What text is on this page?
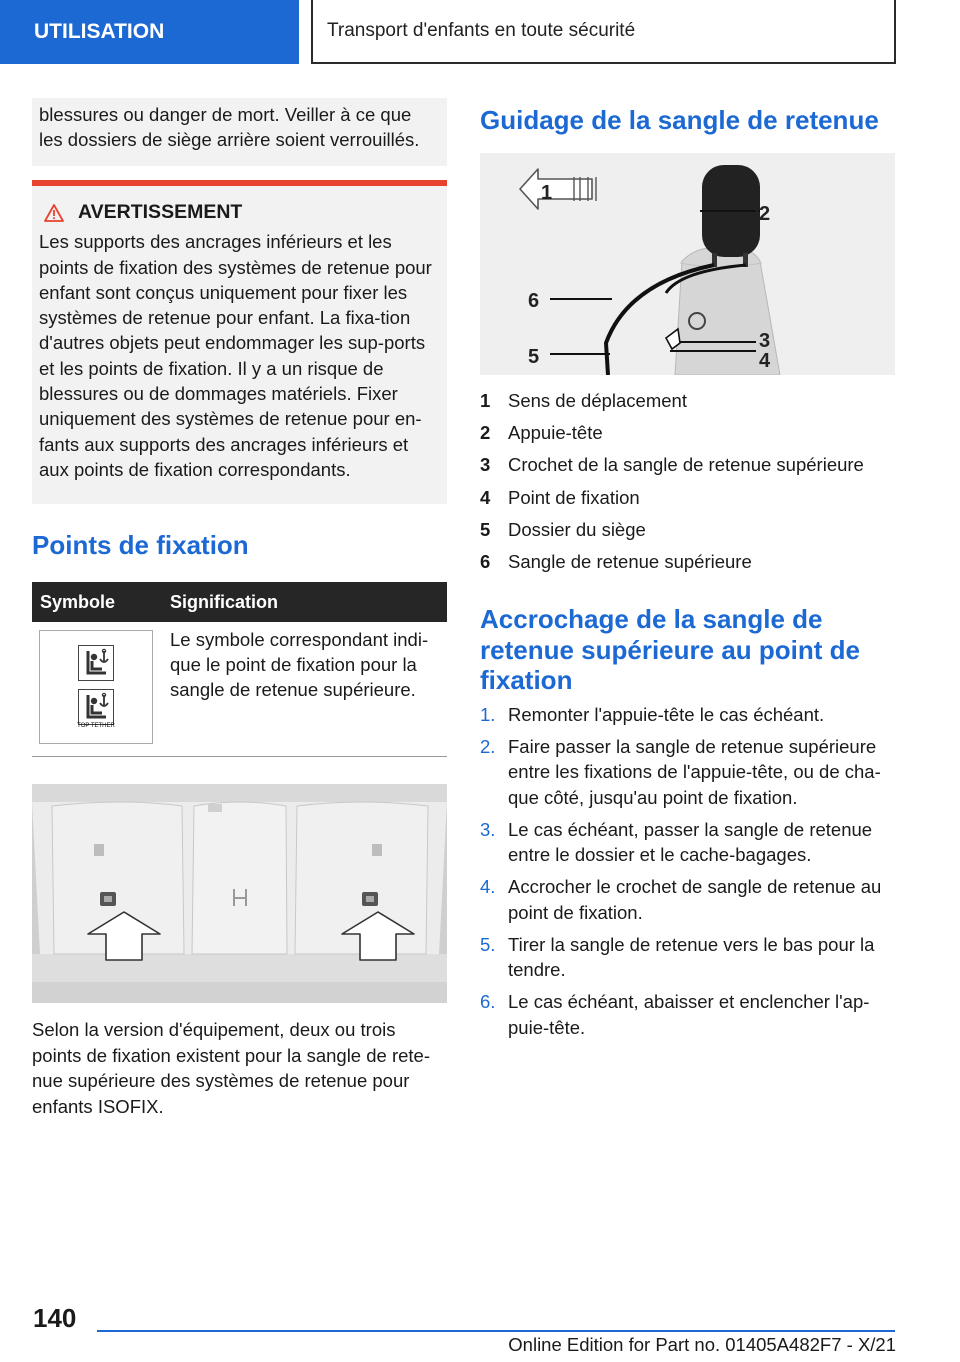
UTILISATION	Transport d'enfants en toute sécurité
blessures ou danger de mort. Veiller à ce que les dossiers de siège arrière soient verrouillés.
AVERTISSEMENT
Les supports des ancrages inférieurs et les points de fixation des systèmes de retenue pour enfant sont conçus uniquement pour fixer les systèmes de retenue pour enfant. La fixa-tion d'autres objets peut endommager les sup-ports et les points de fixation. Il y a un risque de blessures ou de dommages matériels. Fixer uniquement des systèmes de retenue pour en-fants aux supports des ancrages inférieurs et aux points de fixation correspondants.
Points de fixation
Symbole	Signification

TOP TETHER	Le symbole correspondant indi-que le point de fixation pour la sangle de retenue supérieure.
Selon la version d'équipement, deux ou trois points de fixation existent pour la sangle de rete-nue supérieure des systèmes de retenue pour enfants ISOFIX.
Guidage de la sangle de retenue
1
2
3
4
5
6
1 Sens de déplacement
2 Appuie-tête
3 Crochet de la sangle de retenue supérieure
4 Point de fixation
5 Dossier du siège
6 Sangle de retenue supérieure
Accrochage de la sangle de retenue supérieure au point de fixation
1. Remonter l'appuie-tête le cas échéant.
2. Faire passer la sangle de retenue supérieure entre les fixations de l'appuie-tête, ou de cha-que côté, jusqu'au point de fixation.
3. Le cas échéant, passer la sangle de retenue entre le dossier et le cache-bagages.
4. Accrocher le crochet de sangle de retenue au point de fixation.
5. Tirer la sangle de retenue vers le bas pour la tendre.
6. Le cas échéant, abaisser et enclencher l'ap-puie-tête.
140
Online Edition for Part no. 01405A482F7 - X/21
